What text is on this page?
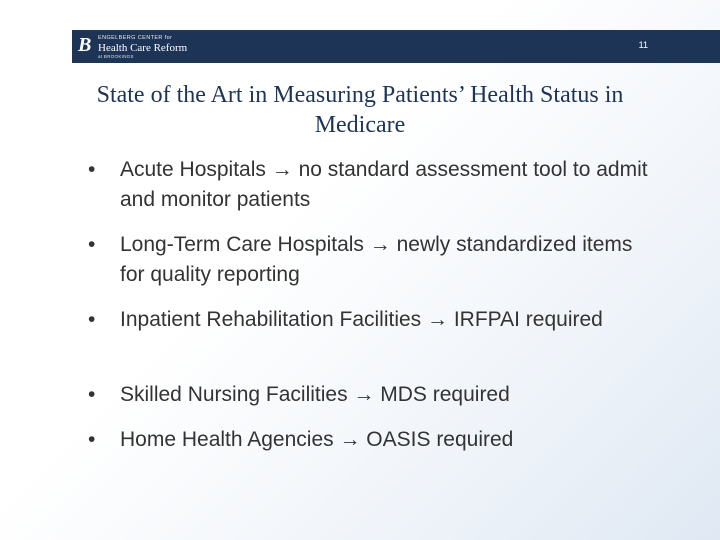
B ENGELBERG CENTER for
Health Care Reform
at BROOKINGS
11
State of the Art in Measuring Patients’ Health Status in Medicare
• Acute Hospitals → no standard assessment tool to admit and monitor patients
• Long-Term Care Hospitals → newly standardized items for quality reporting
• Inpatient Rehabilitation Facilities → IRFPAI required
• Skilled Nursing Facilities → MDS required
• Home Health Agencies → OASIS required
